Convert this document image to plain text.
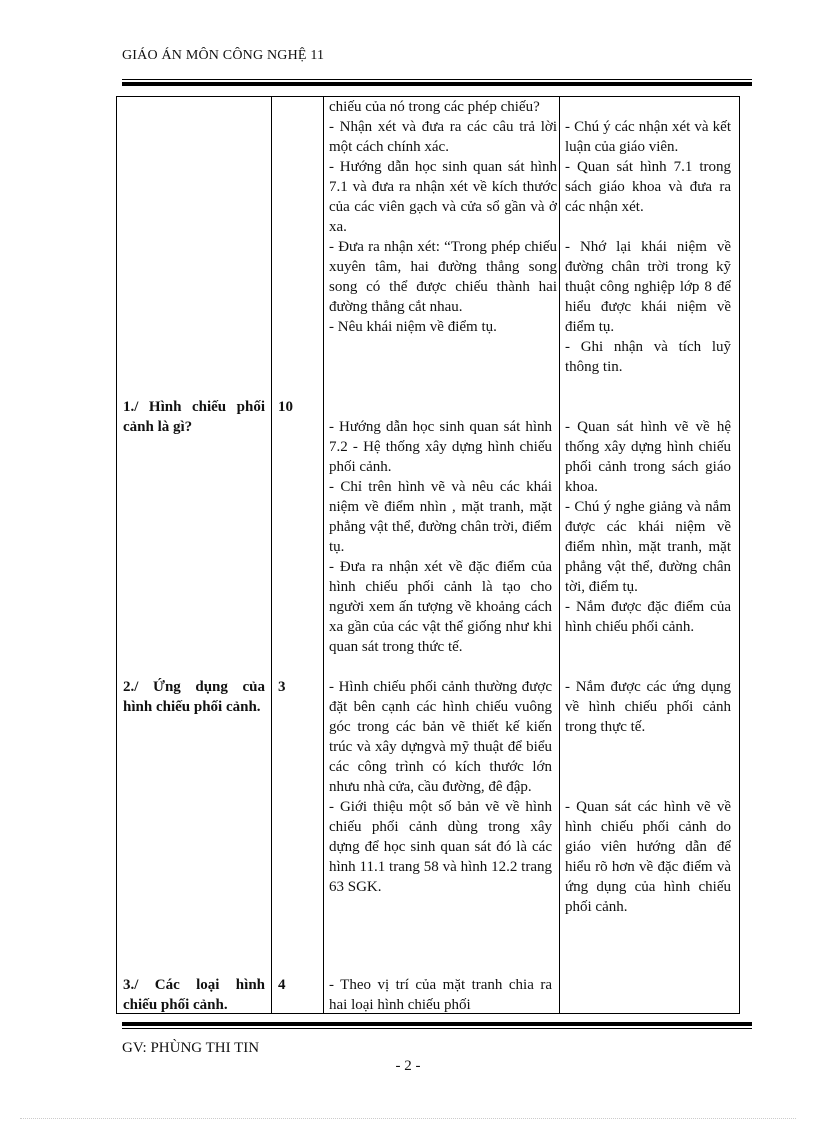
GIÁO ÁN MÔN CÔNG NGHỆ 11

chiếu của nó trong các phép chiếu?

- Nhận xét và đưa ra các câu trả lời một cách chính xác.

- Hướng dẫn học sinh quan sát hình 7.1 và đưa ra nhận xét về kích thước của các viên gạch và cửa sổ gần và ở xa.

- Đưa ra nhận xét: “Trong phép chiếu xuyên tâm, hai đường thẳng song song có thể được chiếu thành hai đường thẳng cắt nhau.

- Nêu khái niệm về điểm tụ.

- Chú ý các nhận xét và kết luận của giáo viên.

- Quan sát hình 7.1 trong sách giáo khoa và đưa ra các nhận xét.

- Nhớ lại khái niệm về đường chân trời trong kỹ thuật công nghiệp lớp 8 để hiểu được khái niệm về điểm tụ.

- Ghi nhận và tích luỹ thông tin.

1./ Hình chiếu phối cảnh là gì?
10

- Hướng dẫn học sinh quan sát hình 7.2 - Hệ thống xây dựng hình chiếu phối cảnh.

- Chỉ trên hình vẽ và nêu các khái niệm về điểm nhìn , mặt tranh, mặt phẳng vật thể, đường chân trời, điểm tụ.

- Đưa ra nhận xét về đặc điểm của hình chiếu phối cảnh là tạo cho người xem ấn tượng về khoảng cách xa gần của các vật thể giống như khi quan sát trong thức tế.

- Quan sát hình vẽ về hệ thống xây dựng hình chiếu phối cảnh trong sách giáo khoa.

- Chú ý nghe giảng và nắm được các khái niệm về điểm nhìn, mặt tranh, mặt phẳng vật thể, đường chân tời, điểm tụ.

- Nắm được đặc điểm của hình chiếu phối cảnh.

2./ Ứng dụng của hình chiếu phối cảnh.
3	- Hình chiếu phối cảnh thường được đặt bên cạnh các hình chiếu vuông góc trong các bản vẽ thiết kế kiến trúc và xây dựngvà mỹ thuật để biểu các công trình có kích thước lớn nhưu nhà cửa, cầu đường, đê đập.

- Giới thiệu một số bản vẽ về hình chiếu phối cảnh dùng trong xây dựng để học sinh quan sát đó là các hình 11.1 trang 58 và hình 12.2 trang 63 SGK.

- Nắm được các ứng dụng về hình chiếu phối cảnh trong thực tế.

- Quan sát các hình vẽ về hình chiếu phối cảnh do giáo viên hướng dẫn để hiểu rõ hơn về đặc điểm và ứng dụng của hình chiếu phối cảnh.

3./ Các loại hình chiếu phối cảnh.
4	- Theo vị trí của mặt tranh chia ra hai loại hình chiếu phối

GV: PHÙNG THI TIN
- 2 -
